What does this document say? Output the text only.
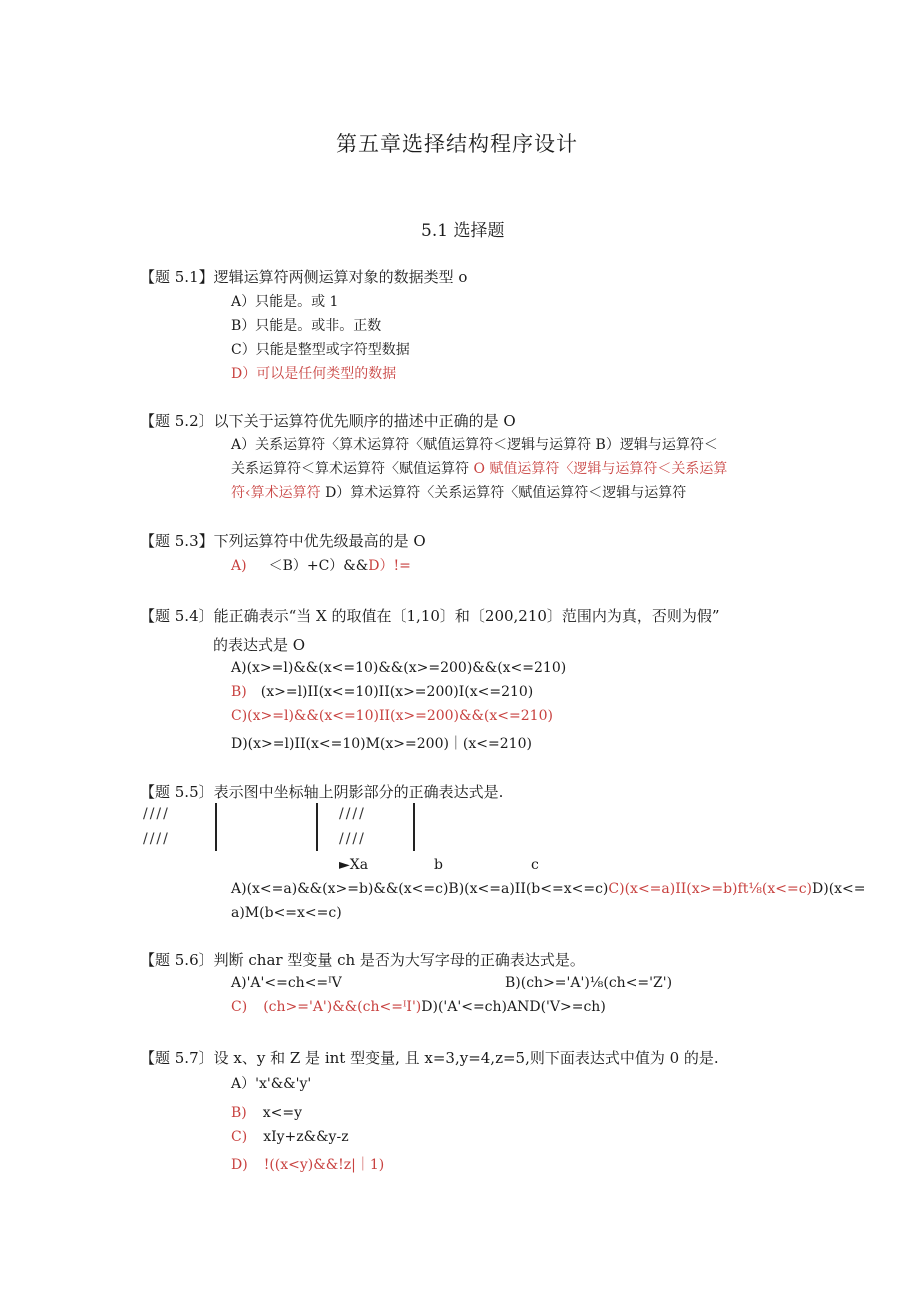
第五章选择结构程序设计
5.1 选择题
【题 5.1】逻辑运算符两侧运算对象的数据类型 o
A）只能是。或 1
B）只能是。或非。正数
C）只能是整型或字符型数据
D）可以是任何类型的数据
【题 5.2〕以下关于运算符优先顺序的描述中正确的是 O
A）关系运算符〈算术运算符〈赋值运算符＜逻辑与运算符 B）逻辑与运算符＜
关系运算符＜算术运算符〈赋值运算符 O 赋值运算符〈逻辑与运算符＜关系运算
符‹算术运算符 D）算术运算符〈关系运算符〈赋值运算符＜逻辑与运算符
【题 5.3】下列运算符中优先级最高的是 O
A) ＜B）+C）&&D）!=
【题 5.4〕能正确表示“当 X 的取值在〔1,10〕和〔200,210〕范围内为真，否则为假”
的表达式是 O
A)(x>=l)&&(x<=10)&&(x>=200)&&(x<=210)
B) (x>=l)II(x<=10)II(x>=200)I(x<=210)
C)(x>=l)&&(x<=10)II(x>=200)&&(x<=210)
D)(x>=l)II(x<=10)M(x>=200)｜(x<=210)
【题 5.5〕表示图中坐标轴上阴影部分的正确表达式是.
////
////
////
////
►Xa	b	c
A)(x<=a)&&(x>=b)&&(x<=c)B)(x<=a)II(b<=x<=c)C)(x<=a)II(x>=b)ft⅛(x<=c)D)(x<=
a)M(b<=x<=c)
【题 5.6〕判断 char 型变量 ch 是否为大写字母的正确表达式是。
A)'A'<=ch<=ᴵV	B)(ch>='A')⅛(ch<='Z')
C) (ch>='A')&&(ch<=ᴵI')D)('A'<=ch)AND('V>=ch)
【题 5.7〕设 x、y 和 Z 是 int 型变量, 且 x=3,y=4,z=5,则下面表达式中值为 0 的是.
A）'x'&&'y'
B) x<=y
C) xIy+z&&y-z
D) !((x<y)&&!z|｜1)
